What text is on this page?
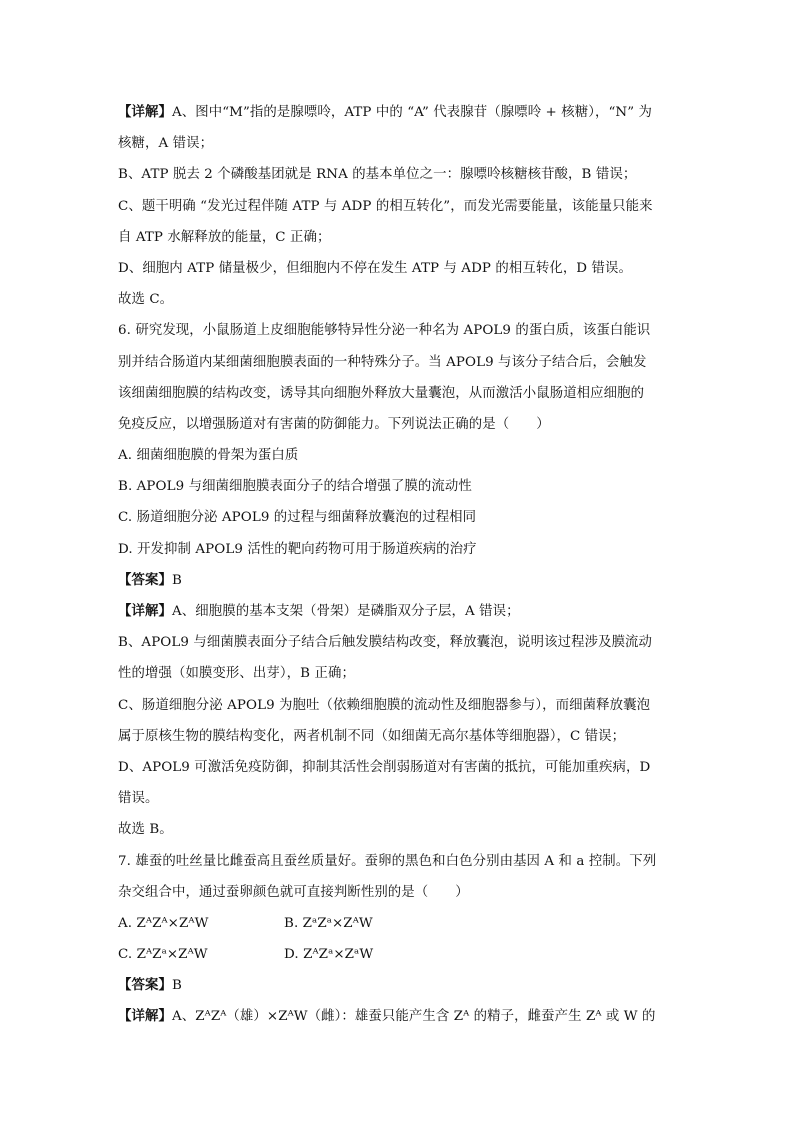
【详解】A、图中“M”指的是腺嘌呤，ATP 中的 “A” 代表腺苷（腺嘌呤 + 核糖），“N” 为
核糖，A 错误；
B、ATP 脱去 2 个磷酸基团就是 RNA 的基本单位之一：腺嘌呤核糖核苷酸，B 错误；
C、题干明确 “发光过程伴随 ATP 与 ADP 的相互转化”，而发光需要能量，该能量只能来
自 ATP 水解释放的能量，C 正确；
D、细胞内 ATP 储量极少，但细胞内不停在发生 ATP 与 ADP 的相互转化，D 错误。
故选 C。
6. 研究发现，小鼠肠道上皮细胞能够特异性分泌一种名为 APOL9 的蛋白质，该蛋白能识
别并结合肠道内某细菌细胞膜表面的一种特殊分子。当 APOL9 与该分子结合后，会触发
该细菌细胞膜的结构改变，诱导其向细胞外释放大量囊泡，从而激活小鼠肠道相应细胞的
免疫反应，以增强肠道对有害菌的防御能力。下列说法正确的是（　　）
A. 细菌细胞膜的骨架为蛋白质
B. APOL9 与细菌细胞膜表面分子的结合增强了膜的流动性
C. 肠道细胞分泌 APOL9 的过程与细菌释放囊泡的过程相同
D. 开发抑制 APOL9 活性的靶向药物可用于肠道疾病的治疗
【答案】B
【详解】A、细胞膜的基本支架（骨架）是磷脂双分子层，A 错误；
B、APOL9 与细菌膜表面分子结合后触发膜结构改变，释放囊泡，说明该过程涉及膜流动
性的增强（如膜变形、出芽），B 正确；
C、肠道细胞分泌 APOL9 为胞吐（依赖细胞膜的流动性及细胞器参与），而细菌释放囊泡
属于原核生物的膜结构变化，两者机制不同（如细菌无高尔基体等细胞器），C 错误；
D、APOL9 可激活免疫防御，抑制其活性会削弱肠道对有害菌的抵抗，可能加重疾病，D
错误。
故选 B。
7. 雄蚕的吐丝量比雌蚕高且蚕丝质量好。蚕卵的黑色和白色分别由基因 A 和 a 控制。下列
杂交组合中，通过蚕卵颜色就可直接判断性别的是（　　）
A. ZᴬZᴬ×ZᴬW	B. ZᵃZᵃ×ZᴬW
C. ZᴬZᵃ×ZᴬW	D. ZᴬZᵃ×ZᵃW
【答案】B
【详解】A、ZᴬZᴬ（雄）×ZᴬW（雌）：雄蚕只能产生含 Zᴬ 的精子，雌蚕产生 Zᴬ 或 W 的
